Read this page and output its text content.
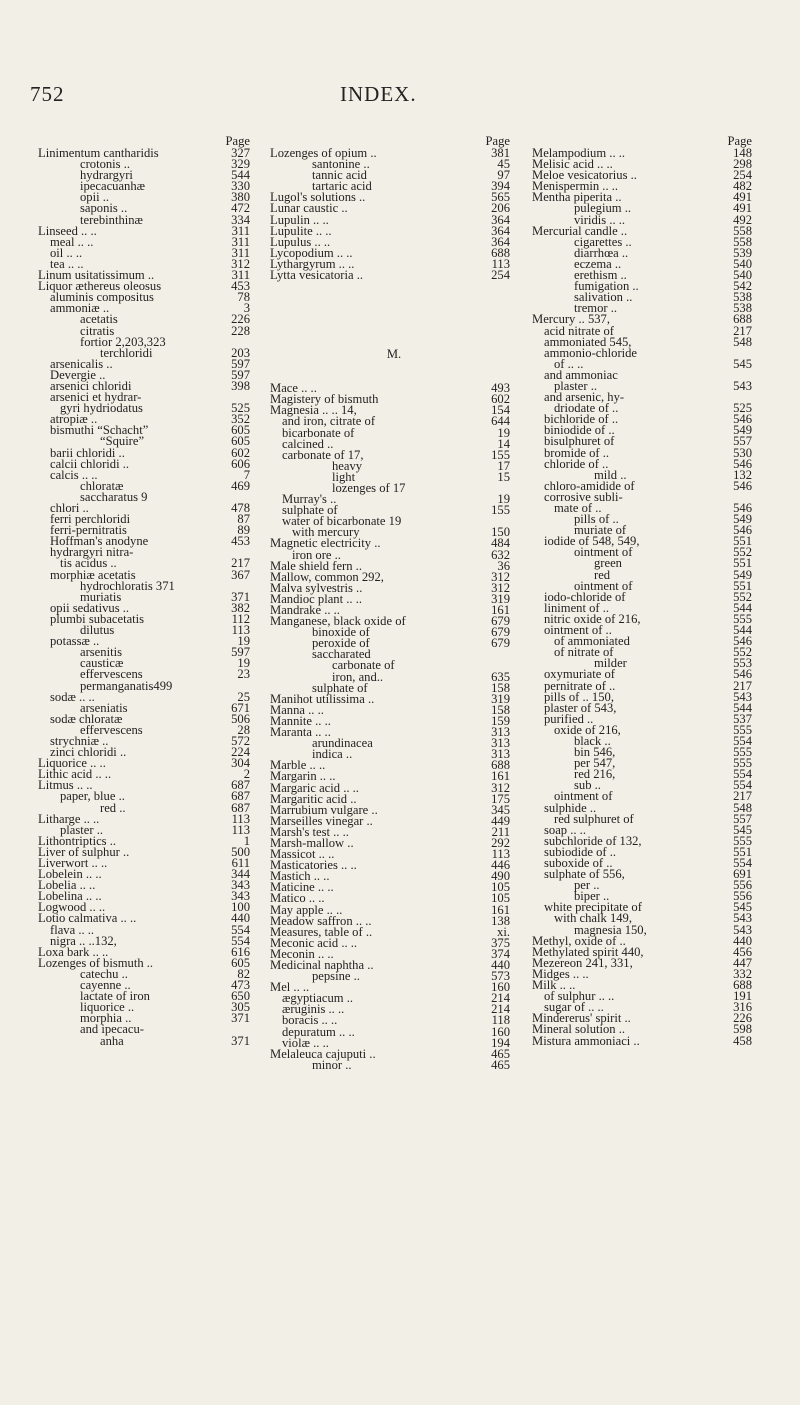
752	INDEX.
Page
Linimentum cantharidis	327
crotonis ..	329
hydrargyri	544
ipecacuanhæ	330
opii ..	380
saponis ..	472
terebinthinæ	334
Linseed .. ..	311
meal .. ..	311
oil .. ..	311
tea .. ..	312
Linum usitatissimum ..	311
Liquor æthereus oleosus	453
aluminis compositus	78
ammoniæ ..	3
acetatis	226
citratis	228
fortior 2,203,323
terchloridi	203
arsenicalis ..	597
Devergie ..	597
arsenici chloridi	398
arsenici et hydrar-
gyri hydriodatus	525
atropiæ ..	352
bismuthi “Schacht”	605
“Squire”	605
barii chloridi ..	602
calcii chloridi ..	606
calcis .. ..	7
chloratæ	469
saccharatus 9
chlori ..	478
ferri perchloridi	87
ferri-pernitratis	89
Hoffman's anodyne	453
hydrargyri nitra-
tis acidus ..	217
morphiæ acetatis	367
hydrochloratis 371
muriatis	371
opii sedativus ..	382
plumbi subacetatis	112
dilutus	113
potassæ ..	19
arsenitis	597
causticæ	19
effervescens	23
permanganatis499
sodæ .. ..	25
arseniatis	671
sodæ chloratæ	506
effervescens	28
strychniæ ..	572
zinci chloridi ..	224
Liquorice .. ..	304
Lithic acid .. ..	2
Litmus .. ..	687
paper, blue ..	687
red ..	687
Litharge .. ..	113
plaster ..	113
Lithontriptics ..	1
Liver of sulphur ..	500
Liverwort .. ..	611
Lobelein .. ..	344
Lobelia .. ..	343
Lobelina .. ..	343
Logwood .. ..	100
Lotio calmativa .. ..	440
flava .. ..	554
nigra .. ..132,	554
Loxa bark .. ..	616
Lozenges of bismuth ..	605
catechu ..	82
cayenne ..	473
lactate of iron	650
liquorice ..	305
morphia ..	371
and ipecacu-
anha	371
Page
Lozenges of opium ..	381
santonine ..	45
tannic acid	97
tartaric acid	394
Lugol's solutions ..	565
Lunar caustic ..	206
Lupulin .. ..	364
Lupulite .. ..	364
Lupulus .. ..	364
Lycopodium .. ..	688
Lythargyrum .. ..	113
Lytta vesicatoria ..	254
M.
Mace .. ..	493
Magistery of bismuth	602
Magnesia .. .. 14,	154
and iron, citrate of	644
bicarbonate of	19
calcined ..	14
carbonate of 17,	155
heavy	17
light	15
lozenges of 17
Murray's ..	19
sulphate of	155
water of bicarbonate 19
with mercury	150
Magnetic electricity ..	484
iron ore ..	632
Male shield fern ..	36
Mallow, common 292,	312
Malva sylvestris ..	312
Mandioc plant .. ..	319
Mandrake .. ..	161
Manganese, black oxide of	679
binoxide of	679
peroxide of	679
saccharated
carbonate of
iron, and..	635
sulphate of	158
Manihot utilissima ..	319
Manna .. ..	158
Mannite .. ..	159
Maranta .. ..	313
arundinacea	313
indica ..	313
Marble .. ..	688
Margarin .. ..	161
Margaric acid .. ..	312
Margaritic acid ..	175
Marrubium vulgare ..	345
Marseilles vinegar ..	449
Marsh's test .. ..	211
Marsh-mallow ..	292
Massicot .. ..	113
Masticatories .. ..	446
Mastich .. ..	490
Maticine .. ..	105
Matico .. ..	105
May apple .. ..	161
Meadow saffron .. ..	138
Measures, table of ..	xi.
Meconic acid .. ..	375
Meconin .. ..	374
Medicinal naphtha ..	440
pepsine ..	573
Mel .. ..	160
ægyptiacum ..	214
æruginis .. ..	214
boracis .. ..	118
depuratum .. ..	160
violæ .. ..	194
Melaleuca cajuputi ..	465
minor ..	465
Page
Melampodium .. ..	148
Melisic acid .. ..	298
Meloe vesicatorius ..	254
Menispermin .. ..	482
Mentha piperita ..	491
pulegium ..	491
viridis .. ..	492
Mercurial candle ..	558
cigarettes ..	558
diarrhœa ..	539
eczema ..	540
erethism ..	540
fumigation ..	542
salivation ..	538
tremor ..	538
Mercury .. 537,	688
acid nitrate of	217
ammoniated 545,	548
ammonio-chloride
of .. ..	545
and ammoniac
plaster ..	543
and arsenic, hy-
driodate of ..	525
bichloride of ..	546
biniodide of ..	549
bisulphuret of	557
bromide of ..	530
chloride of ..	546
mild ..	132
chloro-amidide of	546
corrosive subli-
mate of ..	546
pills of ..	549
muriate of	546
iodide of 548, 549,	551
ointment of	552
green	551
red	549
ointment of	551
iodo-chloride of	552
liniment of ..	544
nitric oxide of 216,	555
ointment of ..	544
of ammoniated	546
of nitrate of	552
milder	553
oxymuriate of	546
pernitrate of ..	217
pills of .. 150,	543
plaster of 543,	544
purified ..	537
oxide of 216,	555
black ..	554
bin 546,	555
per 547,	555
red 216,	554
sub ..	554
ointment of	217
sulphide ..	548
red sulphuret of	557
soap .. ..	545
subchloride of 132,	555
subiodide of ..	551
suboxide of ..	554
sulphate of 556,	691
per ..	556
biper ..	556
white precipitate of	545
with chalk 149,	543
magnesia 150,	543
Methyl, oxide of ..	440
Methylated spirit 440,	456
Mezereon 241, 331,	447
Midges .. ..	332
Milk .. ..	688
of sulphur .. ..	191
sugar of .. ..	316
Mindererus' spirit ..	226
Mineral solution ..	598
Mistura ammoniaci ..	458
